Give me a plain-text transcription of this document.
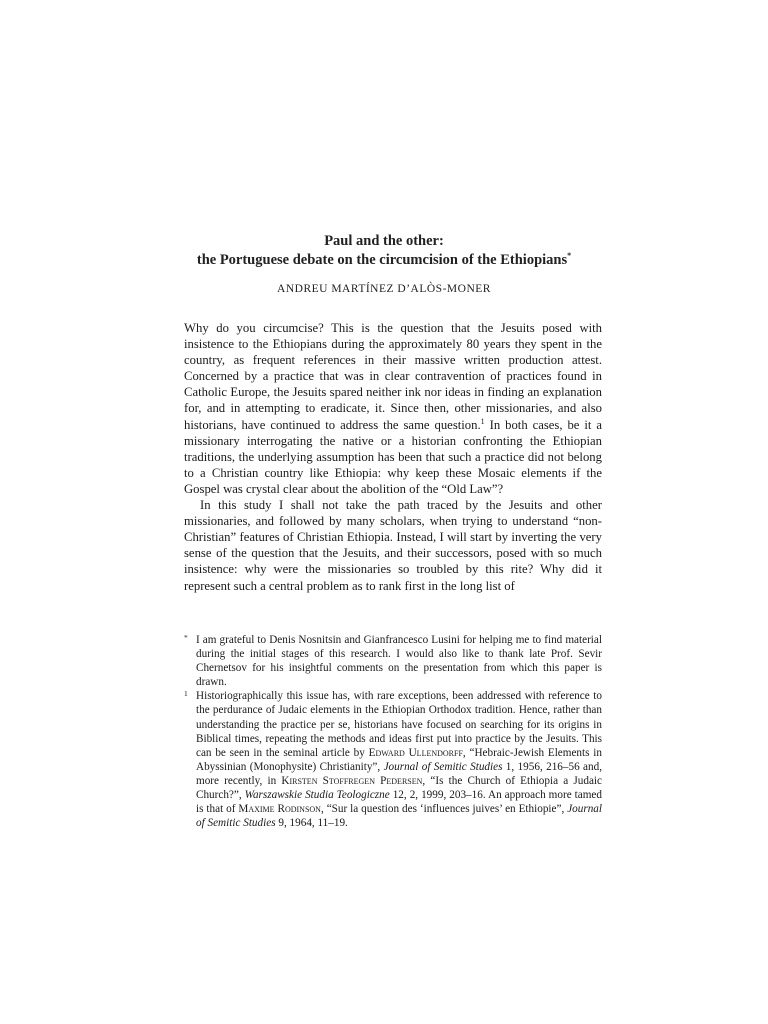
Paul and the other:

the Portuguese debate on the circumcision of the Ethiopians*

ANDREU MARTÍNEZ D’ALÒS-MONER

Why do you circumcise? This is the question that the Jesuits posed with insistence to the Ethiopians during the approximately 80 years they spent in the country, as frequent references in their massive written production attest. Concerned by a practice that was in clear contravention of practices found in Catholic Europe, the Jesuits spared neither ink nor ideas in finding an explanation for, and in attempting to eradicate, it. Since then, other missionaries, and also historians, have continued to address the same question.$^1$ In both cases, be it a missionary interrogating the native or a historian confronting the Ethiopian traditions, the underlying assumption has been that such a practice did not belong to a Christian country like Ethiopia: why keep these Mosaic elements if the Gospel was crystal clear about the abolition of the “Old Law”?

In this study I shall not take the path traced by the Jesuits and other missionaries, and followed by many scholars, when trying to understand “non-Christian” features of Christian Ethiopia. Instead, I will start by inverting the very sense of the question that the Jesuits, and their successors, posed with so much insistence: why were the missionaries so troubled by this rite? Why did it represent such a central problem as to rank first in the long list of

* I am grateful to Denis Nosnitsin and Gianfrancesco Lusini for helping me to find material during the initial stages of this research. I would also like to thank late Prof. Sevir Chernetsov for his insightful comments on the presentation from which this paper is drawn.

1 Historiographically this issue has, with rare exceptions, been addressed with reference to the perdurance of Judaic elements in the Ethiopian Orthodox tradition. Hence, rather than understanding the practice per se, historians have focused on searching for its origins in Biblical times, repeating the methods and ideas first put into practice by the Jesuits. This can be seen in the seminal article by Edward Ullendorff, “Hebraic-Jewish Elements in Abyssinian (Monophysite) Christianity”, Journal of Semitic Studies 1, 1956, 216–56 and, more recently, in Kirsten Stoffregen Pedersen, “Is the Church of Ethiopia a Judaic Church?”, Warszawskie Studia Teologiczne 12, 2, 1999, 203–16. An approach more tamed is that of Maxime Rodinson, “Sur la question des ‘influences juives’ en Ethiopie”, Journal of Semitic Studies 9, 1964, 11–19.
